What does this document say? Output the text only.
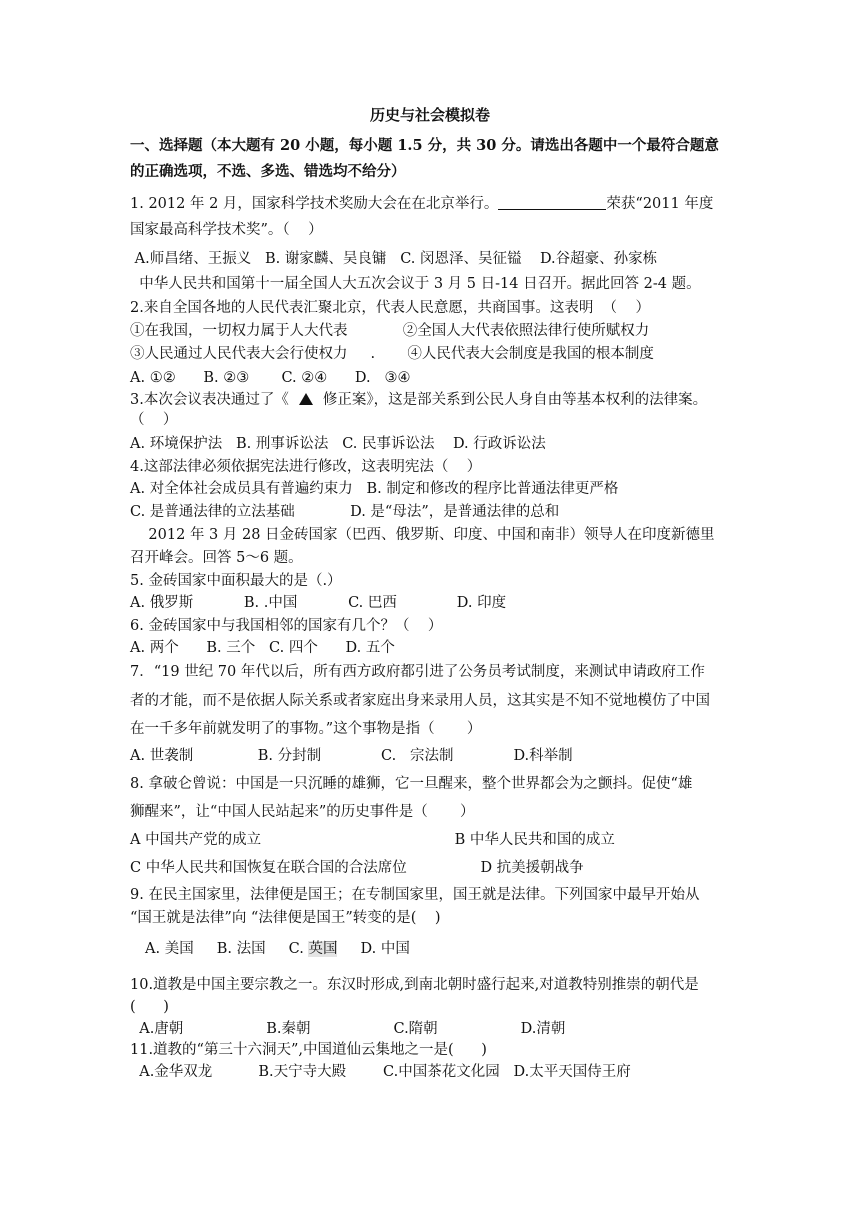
历史与社会模拟卷
一、选择题（本大题有 20 小题，每小题 1.5 分，共 30 分。请选出各题中一个最符合题意
的正确选项，不选、多选、错选均不给分）
1. 2012 年 2 月，国家科学技术奖励大会在在北京举行。	荣获“2011 年度
国家最高科学技术奖”。（    ）
A.师昌绪、王振义   B. 谢家麟、吴良镛   C. 闵恩泽、吴征镒    D.谷超豪、孙家栋
中华人民共和国第十一届全国人大五次会议于 3 月 5 日-14 日召开。据此回答 2-4 题。
2.来自全国各地的人民代表汇聚北京，代表人民意愿，共商国事。这表明  （    ）
①在我国，一切权力属于人大代表            ②全国人大代表依照法律行使所赋权力
③人民通过人民代表大会行使权力     .       ④人民代表大会制度是我国的根本制度
A. ①②      B. ②③       C. ②④      D.   ③④
3.本次会议表决通过了《 修正案》，这是部关系到公民人身自由等基本权利的法律案。
（    ）
A. 环境保护法   B. 刑事诉讼法   C. 民事诉讼法    D. 行政诉讼法
4.这部法律必须依据宪法进行修改，这表明宪法（    ）
A. 对全体社会成员具有普遍约束力   B. 制定和修改的程序比普通法律更严格
C. 是普通法律的立法基础            D. 是“母法”，是普通法律的总和
2012 年 3 月 28 日金砖国家（巴西、俄罗斯、印度、中国和南非）领导人在印度新德里
召开峰会。回答 5～6 题。
5. 金砖国家中面积最大的是（.）
A. 俄罗斯           B. .中国           C. 巴西             D. 印度
6. 金砖国家中与我国相邻的国家有几个？（    ）
A. 两个      B. 三个   C. 四个      D. 五个
7．“19 世纪 70 年代以后，所有西方政府都引进了公务员考试制度，来测试申请政府工作
者的才能，而不是依据人际关系或者家庭出身来录用人员，这其实是不知不觉地模仿了中国
在一千多年前就发明了的事物。”这个事物是指（       ）
A. 世袭制              B. 分封制             C.   宗法制             D.科举制
8. 拿破仑曾说：中国是一只沉睡的雄狮，它一旦醒来，整个世界都会为之颤抖。促使“雄
狮醒来”，让“中国人民站起来”的历史事件是（       ）
A 中国共产党的成立                                          B 中华人民共和国的成立
C 中华人民共和国恢复在联合国的合法席位                D 抗美援朝战争
9. 在民主国家里，法律便是国王；在专制国家里，国王就是法律。下列国家中最早开始从
“国王就是法律”向 “法律便是国王”转变的是(    )
A. 美国 B. 法国 C. 英国 D. 中国
10.道教是中国主要宗教之一。东汉时形成,到南北朝时盛行起来,对道教特别推崇的朝代是
(      )
A.唐朝                  B.秦朝                  C.隋朝                  D.清朝
11.道教的“第三十六洞天”,中国道仙云集地之一是(      )
A.金华双龙          B.天宁寺大殿        C.中国茶花文化园   D.太平天国侍王府
